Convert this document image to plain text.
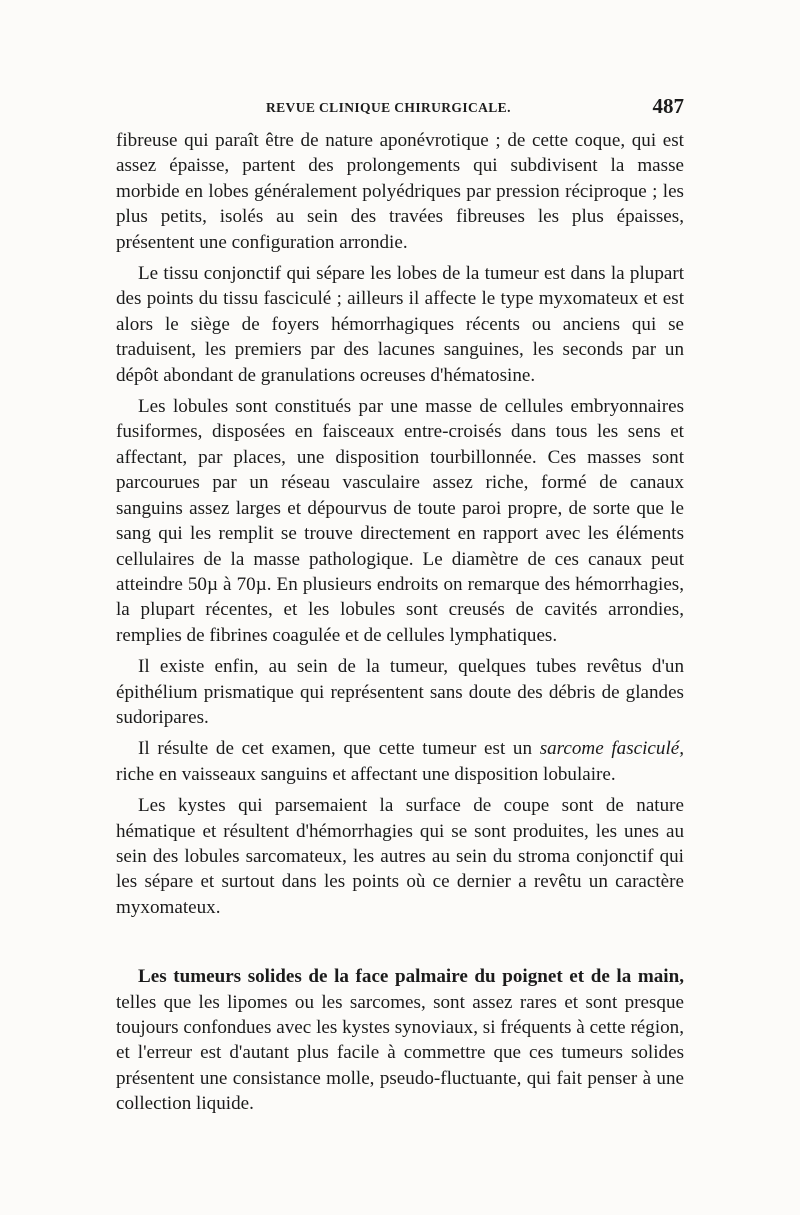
REVUE CLINIQUE CHIRURGICALE.	487

fibreuse qui paraît être de nature aponévrotique ; de cette coque, qui est assez épaisse, partent des prolongements qui subdivisent la masse morbide en lobes généralement polyédriques par pression réciproque ; les plus petits, isolés au sein des travées fibreuses les plus épaisses, présentent une configuration arrondie.

Le tissu conjonctif qui sépare les lobes de la tumeur est dans la plupart des points du tissu fasciculé ; ailleurs il affecte le type myxomateux et est alors le siège de foyers hémorrhagiques récents ou anciens qui se traduisent, les premiers par des lacunes sanguines, les seconds par un dépôt abondant de granulations ocreuses d'hématosine.

Les lobules sont constitués par une masse de cellules embryonnaires fusiformes, disposées en faisceaux entre-croisés dans tous les sens et affectant, par places, une disposition tourbillonnée. Ces masses sont parcourues par un réseau vasculaire assez riche, formé de canaux sanguins assez larges et dépourvus de toute paroi propre, de sorte que le sang qui les remplit se trouve directement en rapport avec les éléments cellulaires de la masse pathologique. Le diamètre de ces canaux peut atteindre 50µ à 70µ. En plusieurs endroits on remarque des hémorrhagies, la plupart récentes, et les lobules sont creusés de cavités arrondies, remplies de fibrines coagulée et de cellules lymphatiques.

Il existe enfin, au sein de la tumeur, quelques tubes revêtus d'un épithélium prismatique qui représentent sans doute des débris de glandes sudoripares.

Il résulte de cet examen, que cette tumeur est un sarcome fasciculé, riche en vaisseaux sanguins et affectant une disposition lobulaire.

Les kystes qui parsemaient la surface de coupe sont de nature hématique et résultent d'hémorrhagies qui se sont produites, les unes au sein des lobules sarcomateux, les autres au sein du stroma conjonctif qui les sépare et surtout dans les points où ce dernier a revêtu un caractère myxomateux.

Les tumeurs solides de la face palmaire du poignet et de la main, telles que les lipomes ou les sarcomes, sont assez rares et sont presque toujours confondues avec les kystes synoviaux, si fréquents à cette région, et l'erreur est d'autant plus facile à commettre que ces tumeurs solides présentent une consistance molle, pseudo-fluctuante, qui fait penser à une collection liquide.
